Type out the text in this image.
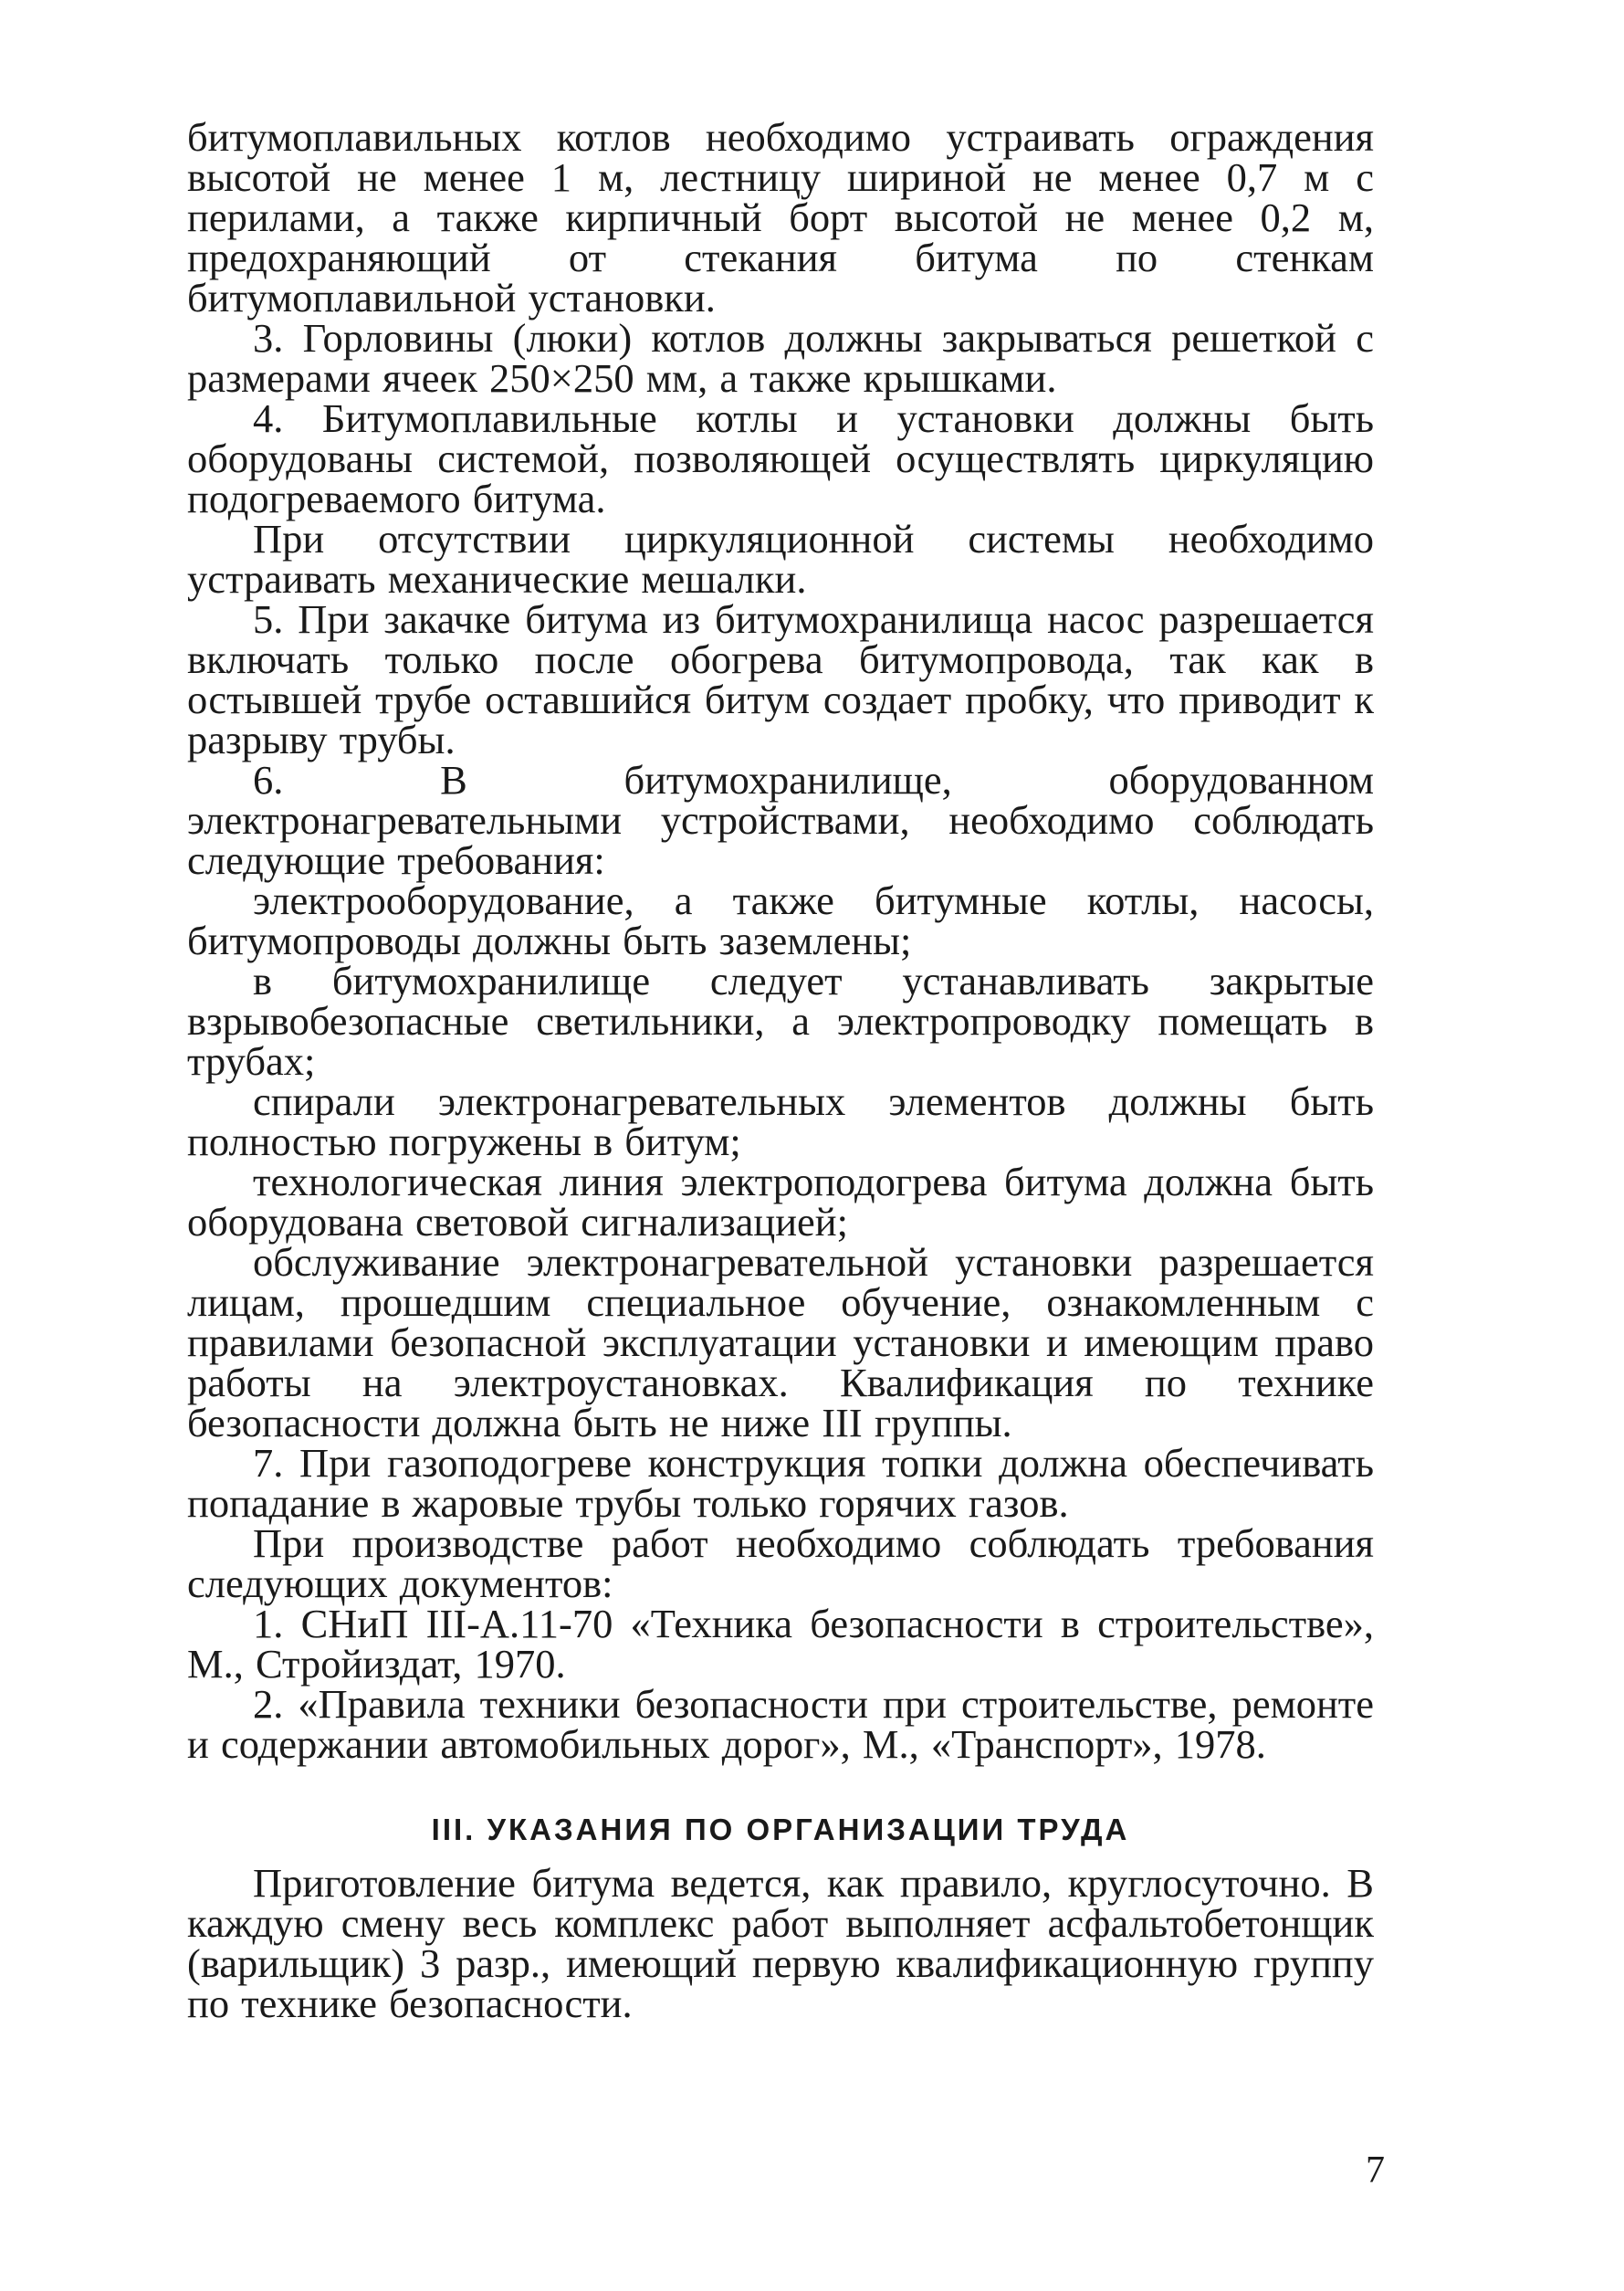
битумоплавильных котлов необходимо устраивать ограждения высотой не менее 1 м, лестницу шириной не менее 0,7 м с перилами, а также кирпичный борт высотой не менее 0,2 м, предохраняющий от стекания битума по стенкам битумоплавильной установки.

3. Горловины (люки) котлов должны закрываться решеткой с размерами ячеек 250×250 мм, а также крышками.

4. Битумоплавильные котлы и установки должны быть оборудованы системой, позволяющей осуществлять циркуляцию подогреваемого битума.

При отсутствии циркуляционной системы необходимо устраивать механические мешалки.

5. При закачке битума из битумохранилища насос разрешается включать только после обогрева битумопровода, так как в остывшей трубе оставшийся битум создает пробку, что приводит к разрыву трубы.

6. В битумохранилище, оборудованном электронагревательными устройствами, необходимо соблюдать следующие требования:

электрооборудование, а также битумные котлы, насосы, битумопроводы должны быть заземлены;

в битумохранилище следует устанавливать закрытые взрывобезопасные светильники, а электропроводку помещать в трубах;

спирали электронагревательных элементов должны быть полностью погружены в битум;

технологическая линия электроподогрева битума должна быть оборудована световой сигнализацией;

обслуживание электронагревательной установки разрешается лицам, прошедшим специальное обучение, ознакомленным с правилами безопасной эксплуатации установки и имеющим право работы на электроустановках. Квалификация по технике безопасности должна быть не ниже III группы.

7. При газоподогреве конструкция топки должна обеспечивать попадание в жаровые трубы только горячих газов.

При производстве работ необходимо соблюдать требования следующих документов:

1. СНиП III-А.11-70 «Техника безопасности в строительстве», М., Стройиздат, 1970.

2. «Правила техники безопасности при строительстве, ремонте и содержании автомобильных дорог», М., «Транспорт», 1978.

III. УКАЗАНИЯ ПО ОРГАНИЗАЦИИ ТРУДА

Приготовление битума ведется, как правило, круглосуточно. В каждую смену весь комплекс работ выполняет асфальтобетонщик (варильщик) 3 разр., имеющий первую квалификационную группу по технике безопасности.

7
